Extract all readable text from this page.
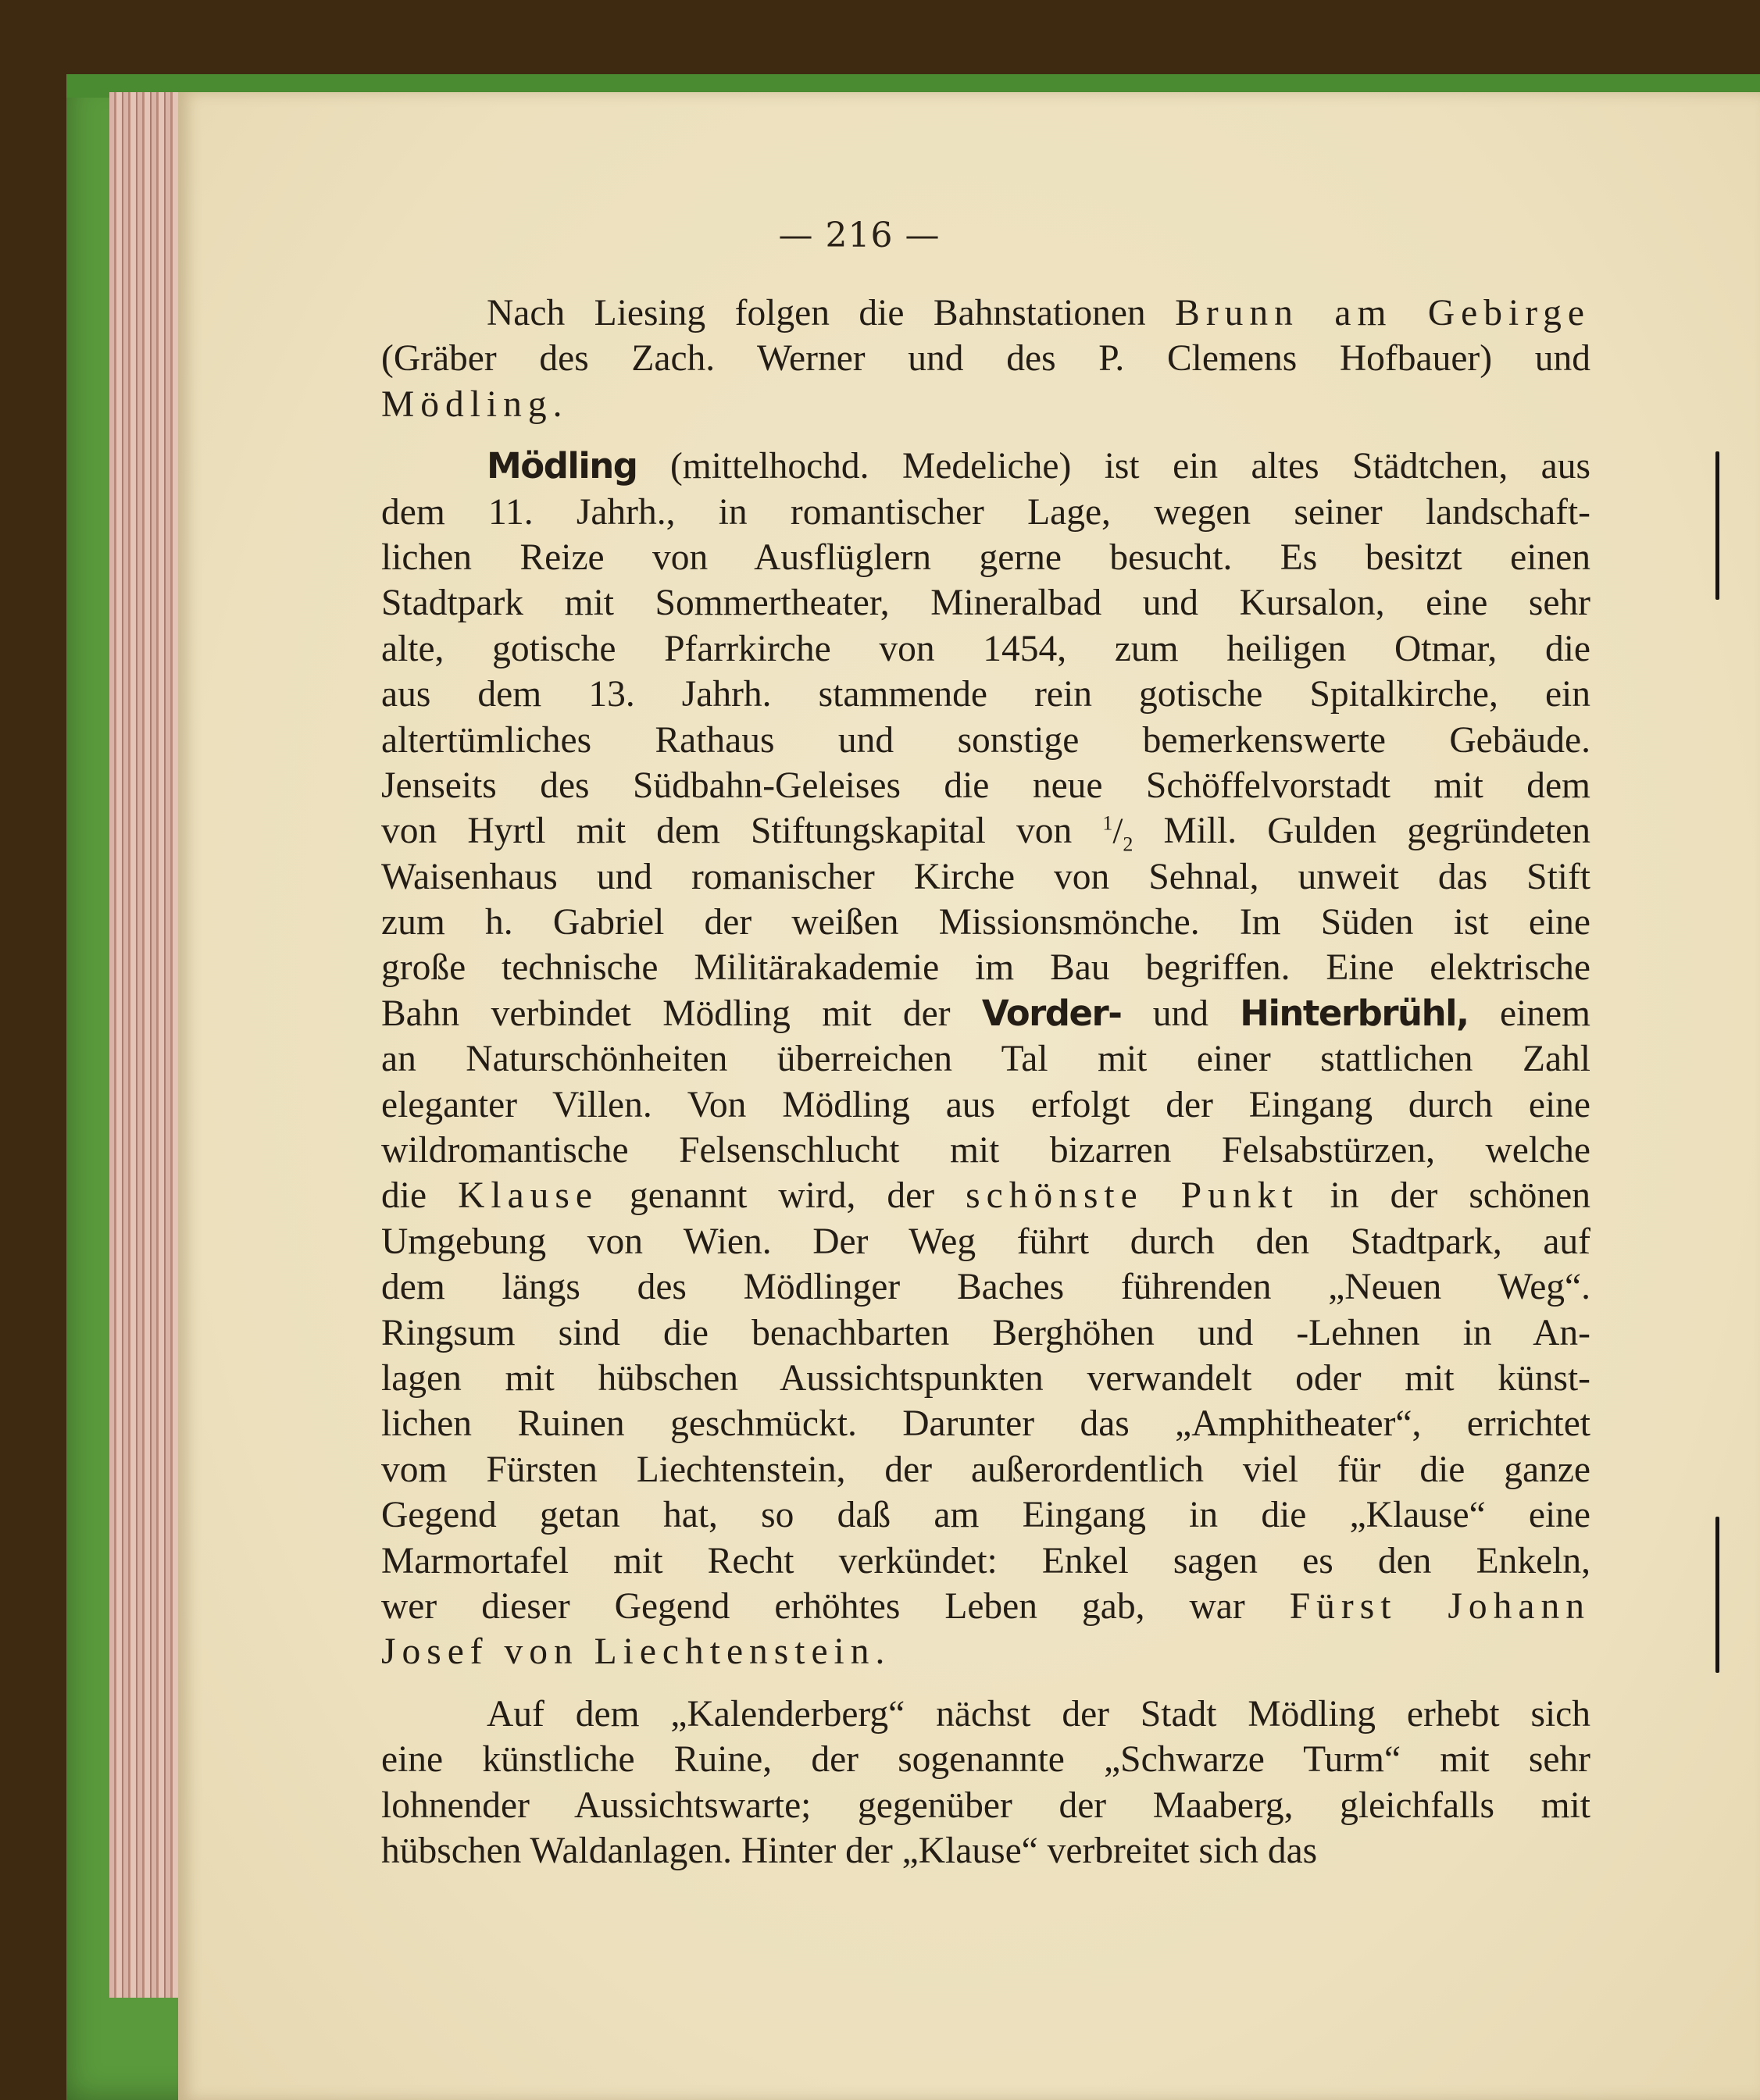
— 216 —
Nach Liesing folgen die Bahnstationen Brunn am Gebirge
(Gräber des Zach. Werner und des P. Clemens Hofbauer) und
Mödling.
Mödling (mittelhochd. Medeliche) ist ein altes Städtchen, aus
dem 11. Jahrh., in romantischer Lage, wegen seiner landschaft-
lichen Reize von Ausflüglern gerne besucht. Es besitzt einen
Stadtpark mit Sommertheater, Mineralbad und Kursalon, eine sehr
alte, gotische Pfarrkirche von 1454, zum heiligen Otmar, die
aus dem 13. Jahrh. stammende rein gotische Spitalkirche, ein
altertümliches Rathaus und sonstige bemerkenswerte Gebäude.
Jenseits des Südbahn-Geleises die neue Schöffelvorstadt mit dem
von Hyrtl mit dem Stiftungskapital von $^1/_2$ Mill. Gulden gegründeten
Waisenhaus und romanischer Kirche von Sehnal, unweit das Stift
zum h. Gabriel der weißen Missionsmönche. Im Süden ist eine
große technische Militärakademie im Bau begriffen. Eine elektrische
Bahn verbindet Mödling mit der Vorder- und Hinterbrühl, einem
an Naturschönheiten überreichen Tal mit einer stattlichen Zahl
eleganter Villen. Von Mödling aus erfolgt der Eingang durch eine
wildromantische Felsenschlucht mit bizarren Felsabstürzen, welche
die Klause genannt wird, der schönste Punkt in der schönen
Umgebung von Wien. Der Weg führt durch den Stadtpark, auf
dem längs des Mödlinger Baches führenden „Neuen Weg“.
Ringsum sind die benachbarten Berghöhen und -Lehnen in An-
lagen mit hübschen Aussichtspunkten verwandelt oder mit künst-
lichen Ruinen geschmückt. Darunter das „Amphitheater“, errichtet
vom Fürsten Liechtenstein, der außerordentlich viel für die ganze
Gegend getan hat, so daß am Eingang in die „Klause“ eine
Marmortafel mit Recht verkündet: Enkel sagen es den Enkeln,
wer dieser Gegend erhöhtes Leben gab, war Fürst Johann
Josef von Liechtenstein.
Auf dem „Kalenderberg“ nächst der Stadt Mödling erhebt sich
eine künstliche Ruine, der sogenannte „Schwarze Turm“ mit sehr
lohnender Aussichtswarte; gegenüber der Maaberg, gleichfalls mit
hübschen Waldanlagen. Hinter der „Klause“ verbreitet sich das
